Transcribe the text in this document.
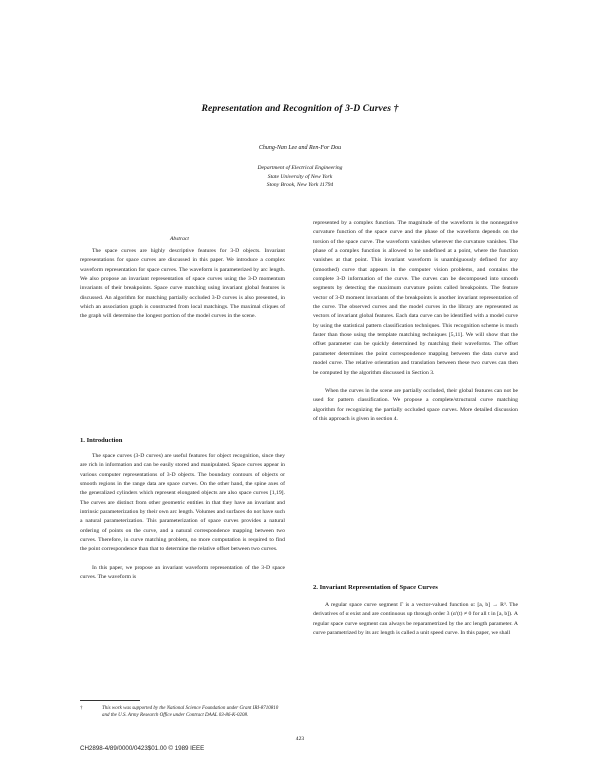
Representation and Recognition of 3-D Curves †
Chung-Nan Lee and Ren-For Dou
Department of Electrical Engineering
State University of New York
Stony Brook, New York 11794
Abstract

The space curves are highly descriptive features for 3-D objects. Invariant representations for space curves are discussed in this paper. We introduce a complex waveform representation for space curves. The waveform is parameterized by arc length. We also propose an invariant representation of space curves using the 3-D momentum invariants of their breakpoints. Space curve matching using invariant global features is discussed. An algorithm for matching partially occluded 3-D curves is also presented, in which an association graph is constructed from local matchings. The maximal cliques of the graph will determine the longest portion of the model curves in the scene.

1. Introduction

The space curves (3-D curves) are useful features for object recognition, since they are rich in information and can be easily stored and manipulated. Space curves appear in various computer representations of 3-D objects. The boundary contours of objects or smooth regions in the range data are space curves. On the other hand, the spine axes of the generalized cylinders which represent elongated objects are also space curves [1,19]. The curves are distinct from other geometric entities in that they have an invariant and intrinsic parameterization by their own arc length. Volumes and surfaces do not have such a natural parameterization. This parameterization of space curves provides a natural ordering of points on the curve, and a natural correspondence mapping between two curves. Therefore, in curve matching problem, no more computation is required to find the point correspondence than that to determine the relative offset between two curves.

In this paper, we propose an invariant waveform representation of the 3-D space curves. The waveform is

represented by a complex function. The magnitude of the waveform is the nonnegative curvature function of the space curve and the phase of the waveform depends on the torsion of the space curve. The waveform vanishes wherever the curvature vanishes. The phase of a complex function is allowed to be undefined at a point, where the function vanishes at that point. This invariant waveform is unambiguously defined for any (smoothed) curve that appears in the computer vision problems, and contains the complete 3-D information of the curve. The curves can be decomposed into smooth segments by detecting the maximum curvature points called breakpoints. The feature vector of 3-D moment invariants of the breakpoints is another invariant representation of the curve. The observed curves and the model curves in the library are represented as vectors of invariant global features. Each data curve can be identified with a model curve by using the statistical pattern classification techniques. This recognition scheme is much faster than those using the template matching techniques [5,11]. We will show that the offset parameter can be quickly determined by matching their waveforms. The offset parameter determines the point correspondence mapping between the data curve and model curve. The relative orientation and translation between these two curves can then be computed by the algorithm discussed in Section 3.

When the curves in the scene are partially occluded, their global features can not be used for pattern classification. We propose a complete/structural curve matching algorithm for recognizing the partially occluded space curves. More detailed discussion of this approach is given in section 4.

2. Invariant Representation of Space Curves

A regular space curve segment Γ is a vector-valued function α: [a, b] → R³. The derivatives of α exist and are continuous up through order 3 (α′(t) ≠ 0 for all t in [a, b]). A regular space curve segment can always be reparametrized by the arc length parameter. A curve parametrized by its arc length is called a unit speed curve. In this paper, we shall

†	This work was supported by the National Science Foundation under Grant IRI-8710810 and the U.S. Army Research Office under Contract DAAL 03-86-K-0208.
423
CH2898-4/89/0000/0423$01.00 © 1989 IEEE
